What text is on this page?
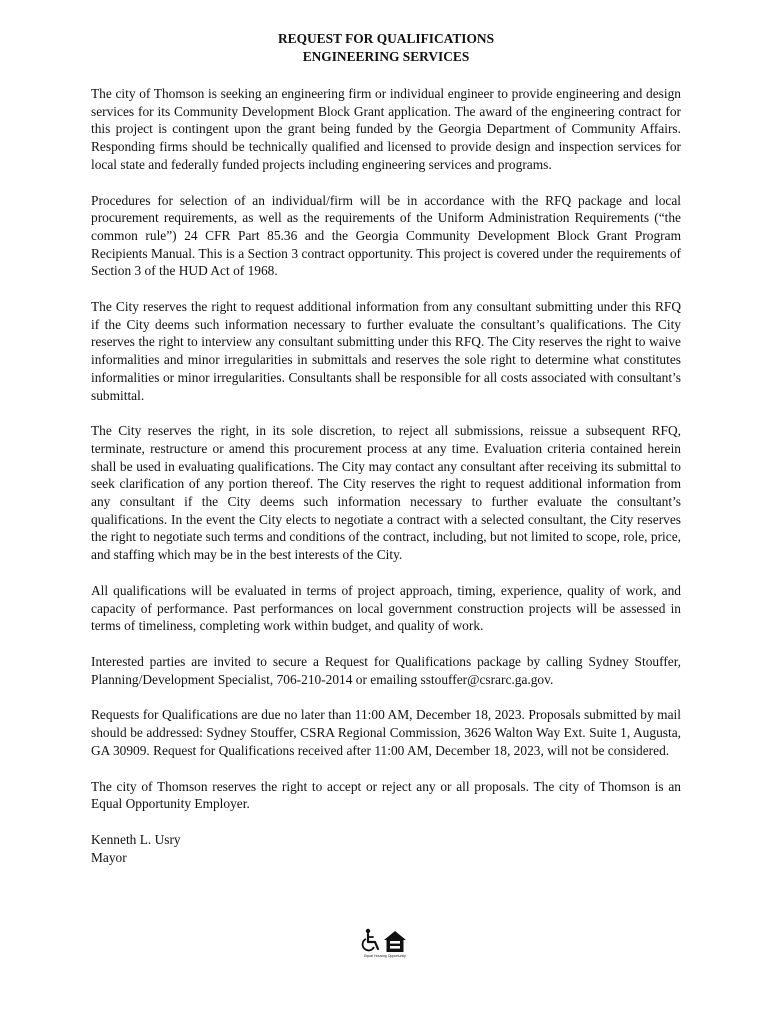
REQUEST FOR QUALIFICATIONS
ENGINEERING SERVICES

The city of Thomson is seeking an engineering firm or individual engineer to provide engineering and design services for its Community Development Block Grant application. The award of the engineering contract for this project is contingent upon the grant being funded by the Georgia Department of Community Affairs. Responding firms should be technically qualified and licensed to provide design and inspection services for local state and federally funded projects including engineering services and programs.

Procedures for selection of an individual/firm will be in accordance with the RFQ package and local procurement requirements, as well as the requirements of the Uniform Administration Requirements (“the common rule”) 24 CFR Part 85.36 and the Georgia Community Development Block Grant Program Recipients Manual. This is a Section 3 contract opportunity. This project is covered under the requirements of Section 3 of the HUD Act of 1968.

The City reserves the right to request additional information from any consultant submitting under this RFQ if the City deems such information necessary to further evaluate the consultant’s qualifications. The City reserves the right to interview any consultant submitting under this RFQ. The City reserves the right to waive informalities and minor irregularities in submittals and reserves the sole right to determine what constitutes informalities or minor irregularities. Consultants shall be responsible for all costs associated with consultant’s submittal.

The City reserves the right, in its sole discretion, to reject all submissions, reissue a subsequent RFQ, terminate, restructure or amend this procurement process at any time. Evaluation criteria contained herein shall be used in evaluating qualifications. The City may contact any consultant after receiving its submittal to seek clarification of any portion thereof. The City reserves the right to request additional information from any consultant if the City deems such information necessary to further evaluate the consultant’s qualifications. In the event the City elects to negotiate a contract with a selected consultant, the City reserves the right to negotiate such terms and conditions of the contract, including, but not limited to scope, role, price, and staffing which may be in the best interests of the City.

All qualifications will be evaluated in terms of project approach, timing, experience, quality of work, and capacity of performance. Past performances on local government construction projects will be assessed in terms of timeliness, completing work within budget, and quality of work.

Interested parties are invited to secure a Request for Qualifications package by calling Sydney Stouffer, Planning/Development Specialist, 706-210-2014 or emailing sstouffer@csrarc.ga.gov.

Requests for Qualifications are due no later than 11:00 AM, December 18, 2023. Proposals submitted by mail should be addressed: Sydney Stouffer, CSRA Regional Commission, 3626 Walton Way Ext. Suite 1, Augusta, GA 30909. Request for Qualifications received after 11:00 AM, December 18, 2023, will not be considered.

The city of Thomson reserves the right to accept or reject any or all proposals. The city of Thomson is an Equal Opportunity Employer.

Kenneth L. Usry
Mayor
Equal Housing Opportunity
